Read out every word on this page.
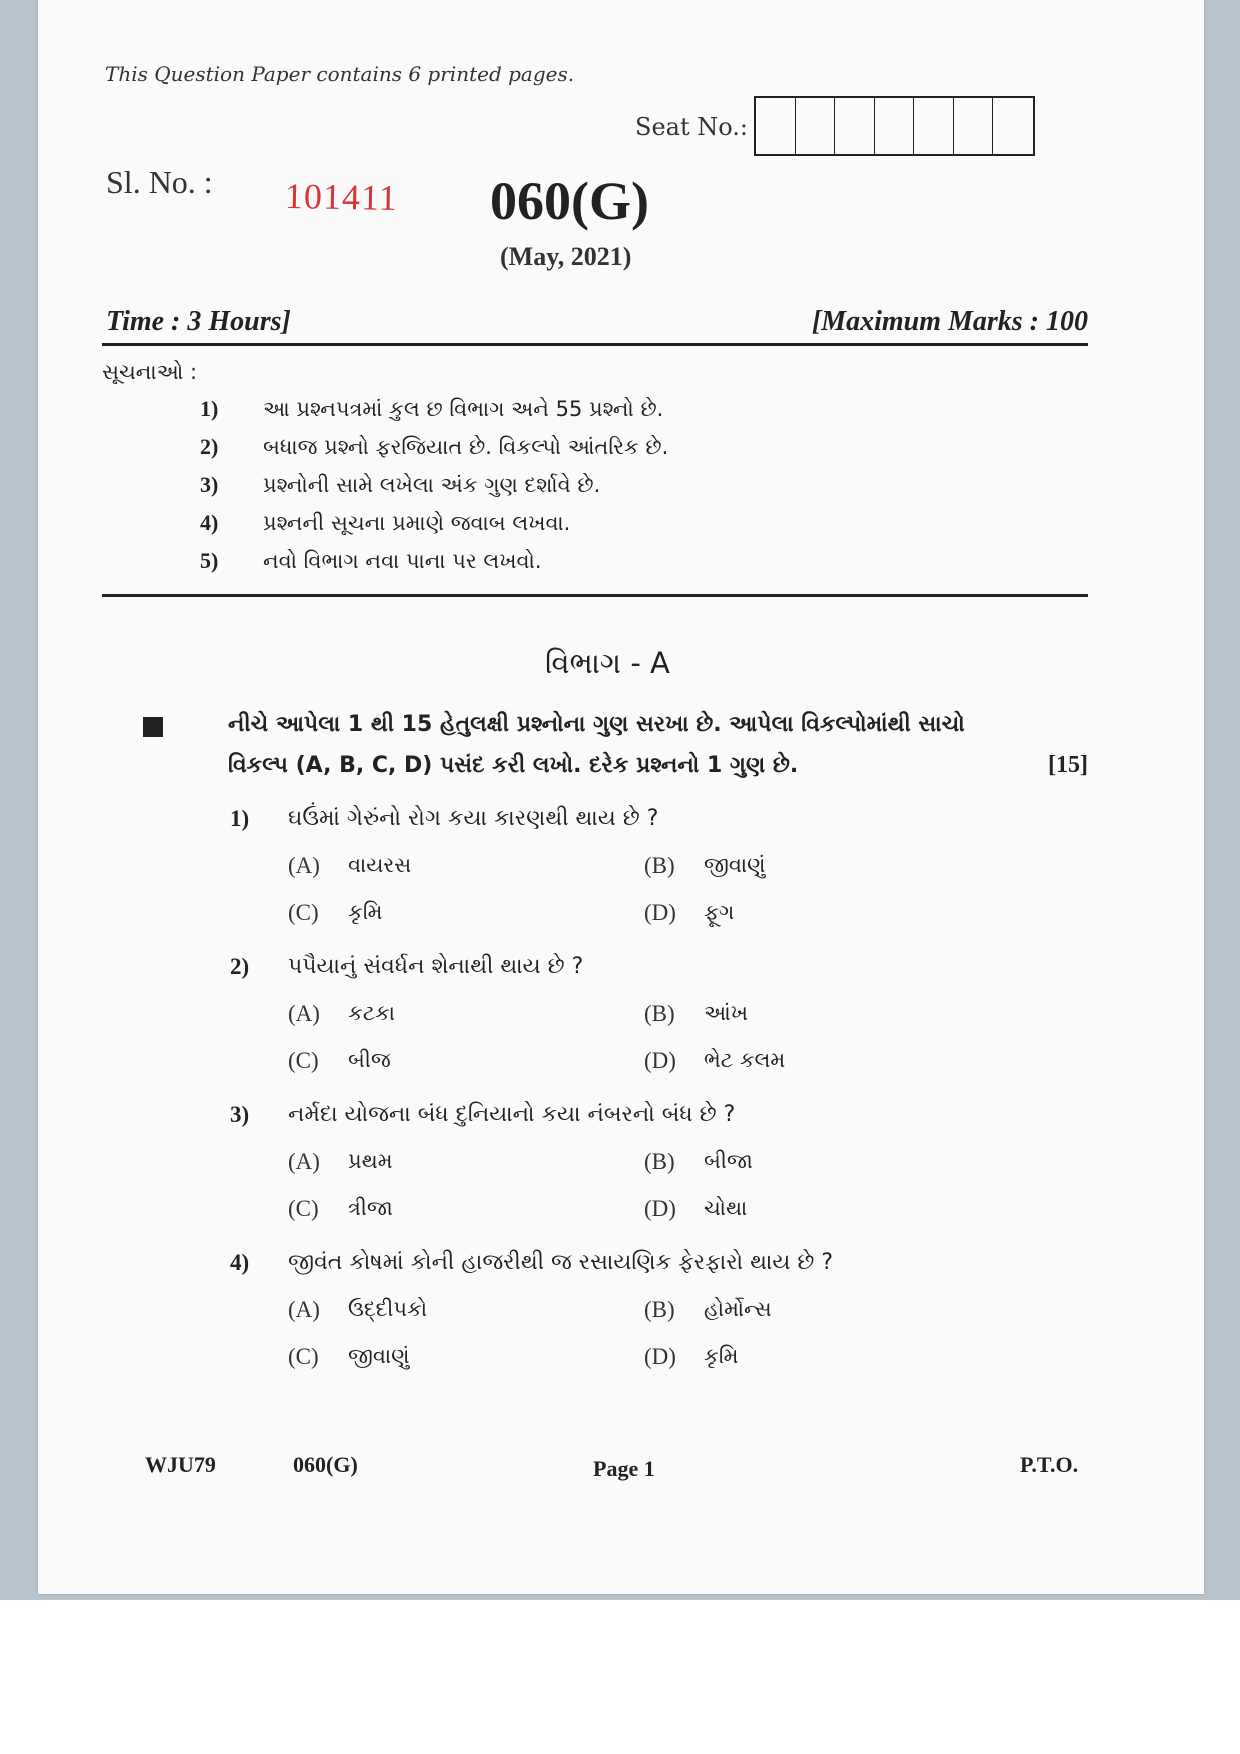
This Question Paper contains 6 printed pages.
Seat No.:
Sl. No. : 101411 060(G)
(May, 2021)
Time : 3 Hours]	[Maximum Marks : 100
સૂચનાઓ :
1) આ પ્રશ્નપત્રમાં કુલ છ વિભાગ અને 55 પ્રશ્નો છે.
2) બધાજ પ્રશ્નો ફરજિયાત છે. વિકલ્પો આંતરિક છે.
3) પ્રશ્નોની સામે લખેલા અંક ગુણ દર્શાવે છે.
4) પ્રશ્નની સૂચના પ્રમાણે જવાબ લખવા.
5) નવો વિભાગ નવા પાના પર લખવો.
વિભાગ - A
નીચે આપેલા 1 થી 15 હેતુલક્ષી પ્રશ્નોના ગુણ સરખા છે. આપેલા વિકલ્પોમાંથી સાચો
વિકલ્પ (A, B, C, D) પસંદ કરી લખો. દરેક પ્રશ્નનો 1 ગુણ છે.	[15]
1) ઘઉંમાં ગેરુંનો રોગ કયા કારણથી થાય છે ?
(A) વાયરસ	(B) જીવાણું
(C) કૃમિ	(D) ફૂગ
2) પપૈયાનું સંવર્ધન શેનાથી થાય છે ?
(A) કટકા	(B) આંખ
(C) બીજ	(D) ભેટ કલમ
3) નર્મદા યોજના બંધ દુનિયાનો કયા નંબરનો બંધ છે ?
(A) પ્રથમ	(B) બીજા
(C) ત્રીજા	(D) ચોથા
4) જીવંત કોષમાં કોની હાજરીથી જ રસાયણિક ફેરફારો થાય છે ?
(A) ઉદ્દીપકો	(B) હોર્મોન્સ
(C) જીવાણું	(D) કૃમિ
WJU79	060(G)	Page 1	P.T.O.
